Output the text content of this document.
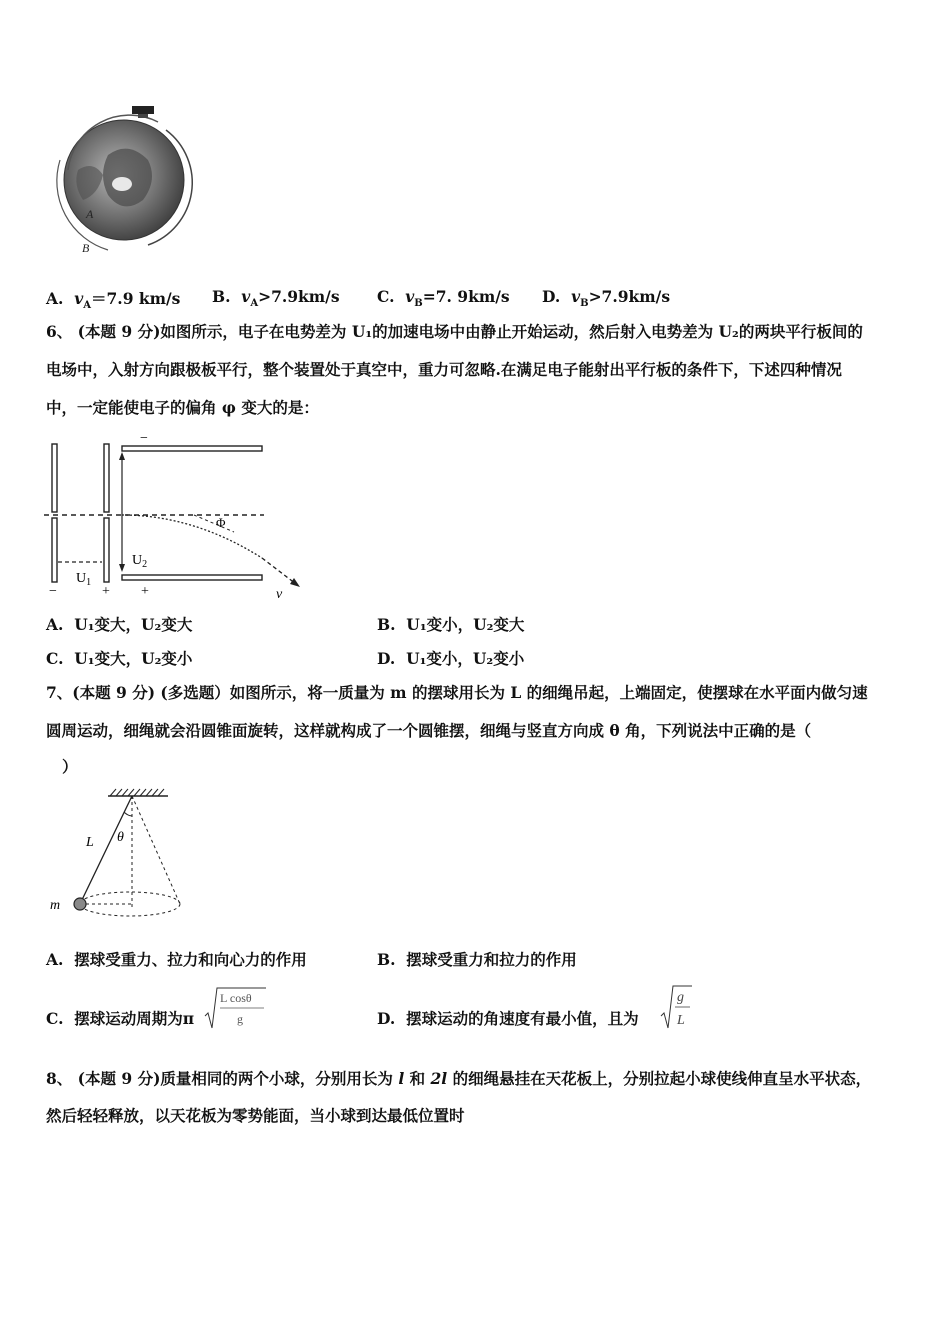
A
B
A. $v_A=7.9$ km/s B. $v_A>7.9km/s$ C. $v_B=7$. 9km/s D. $v_B>7.9km/s$
6、 (本题 9 分)如图所示，电子在电势差为 U₁的加速电场中由静止开始运动，然后射入电势差为 U₂的两块平行板间的
电场中，入射方向跟极板平行，整个装置处于真空中，重力可忽略.在满足电子能射出平行板的条件下，下述四种情况
中，一定能使电子的偏角 φ 变大的是：
−
$U_1$
+
−
$U_2$
+
Φ
v
A. U₁变大，U₂变大	B. U₁变小，U₂变大
C. U₁变大，U₂变小	D. U₁变小，U₂变小
7、(本题 9 分) (多选题）如图所示，将一质量为 m 的摆球用长为 L 的细绳吊起，上端固定，使摆球在水平面内做匀速
圆周运动，细绳就会沿圆锥面旋转，这样就构成了一个圆锥摆，细绳与竖直方向成 θ 角，下列说法中正确的是（
）
L θ
m
A. 摆球受重力、拉力和向心力的作用	B. 摆球受重力和拉力的作用
C. 摆球运动周期为π
L cosθ
g	D. 摆球运动的角速度有最小值，且为
g
L
8、 (本题 9 分)质量相同的两个小球，分别用长为 l 和 2l 的细绳悬挂在天花板上，分别拉起小球使线伸直呈水平状态，
然后轻轻释放，以天花板为零势能面，当小球到达最低位置时
